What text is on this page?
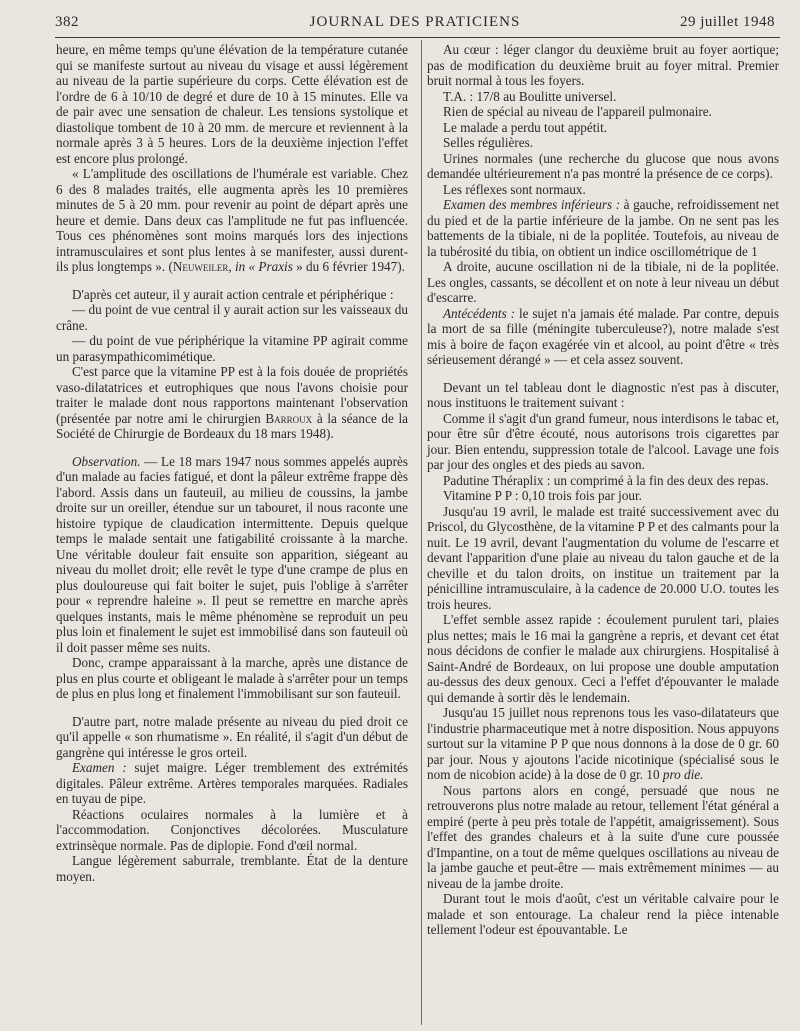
382	JOURNAL DES PRATICIENS	29 juillet 1948

heure, en même temps qu'une élévation de la température cutanée qui se manifeste surtout au niveau du visage et aussi légèrement au niveau de la partie supérieure du corps. Cette élévation est de l'ordre de 6 à 10/10 de degré et dure de 10 à 15 minutes. Elle va de pair avec une sensation de chaleur. Les tensions systolique et diastolique tombent de 10 à 20 mm. de mercure et reviennent à la normale après 3 à 5 heures. Lors de la deuxième injection l'effet est encore plus prolongé.

« L'amplitude des oscillations de l'humérale est variable. Chez 6 des 8 malades traités, elle augmenta après les 10 premières minutes de 5 à 20 mm. pour revenir au point de départ après une heure et demie. Dans deux cas l'amplitude ne fut pas influencée. Tous ces phénomènes sont moins marqués lors des injections intramusculaires et sont plus lentes à se manifester, aussi durent-ils plus longtemps ». (Neuweiler, in « Praxis » du 6 février 1947).

D'après cet auteur, il y aurait action centrale et périphérique :

— du point de vue central il y aurait action sur les vaisseaux du crâne.

— du point de vue périphérique la vitamine PP agirait comme un parasympathicomimétique.

C'est parce que la vitamine PP est à la fois douée de propriétés vaso-dilatatrices et eutrophiques que nous l'avons choisie pour traiter le malade dont nous rapportons maintenant l'observation (présentée par notre ami le chirurgien Barroux à la séance de la Société de Chirurgie de Bordeaux du 18 mars 1948).

Observation. — Le 18 mars 1947 nous sommes appelés auprès d'un malade au facies fatigué, et dont la pâleur extrême frappe dès l'abord. Assis dans un fauteuil, au milieu de coussins, la jambe droite sur un oreiller, étendue sur un tabouret, il nous raconte une histoire typique de claudication intermittente. Depuis quelque temps le malade sentait une fatigabilité croissante à la marche. Une véritable douleur fait ensuite son apparition, siégeant au niveau du mollet droit; elle revêt le type d'une crampe de plus en plus douloureuse qui fait boiter le sujet, puis l'oblige à s'arrêter pour « reprendre haleine ». Il peut se remettre en marche après quelques instants, mais le même phénomène se reproduit un peu plus loin et finalement le sujet est immobilisé dans son fauteuil où il doit passer même ses nuits.

Donc, crampe apparaissant à la marche, après une distance de plus en plus courte et obligeant le malade à s'arrêter pour un temps de plus en plus long et finalement l'immobilisant sur son fauteuil.

D'autre part, notre malade présente au niveau du pied droit ce qu'il appelle « son rhumatisme ». En réalité, il s'agit d'un début de gangrène qui intéresse le gros orteil.

Examen : sujet maigre. Léger tremblement des extrémités digitales. Pâleur extrême. Artères temporales marquées. Radiales en tuyau de pipe.

Réactions oculaires normales à la lumière et à l'accommodation. Conjonctives décolorées. Musculature extrinsèque normale. Pas de diplopie. Fond d'œil normal.

Langue légèrement saburrale, tremblante. État de la denture moyen.

Au cœur : léger clangor du deuxième bruit au foyer aortique; pas de modification du deuxième bruit au foyer mitral. Premier bruit normal à tous les foyers.

T.A. : 17/8 au Boulitte universel.

Rien de spécial au niveau de l'appareil pulmonaire.

Le malade a perdu tout appétit.

Selles régulières.

Urines normales (une recherche du glucose que nous avons demandée ultérieurement n'a pas montré la présence de ce corps).

Les réflexes sont normaux.

Examen des membres inférieurs : à gauche, refroidissement net du pied et de la partie inférieure de la jambe. On ne sent pas les battements de la tibiale, ni de la poplitée. Toutefois, au niveau de la tubérosité du tibia, on obtient un indice oscillométrique de 1

A droite, aucune oscillation ni de la tibiale, ni de la poplitée. Les ongles, cassants, se décollent et on note à leur niveau un début d'escarre.

Antécédents : le sujet n'a jamais été malade. Par contre, depuis la mort de sa fille (méningite tuberculeuse?), notre malade s'est mis à boire de façon exagérée vin et alcool, au point d'être « très sérieusement dérangé » — et cela assez souvent.

Devant un tel tableau dont le diagnostic n'est pas à discuter, nous instituons le traitement suivant :

Comme il s'agit d'un grand fumeur, nous interdisons le tabac et, pour être sûr d'être écouté, nous autorisons trois cigarettes par jour. Bien entendu, suppression totale de l'alcool. Lavage une fois par jour des ongles et des pieds au savon.

Padutine Théraplix : un comprimé à la fin des deux des repas.

Vitamine P P : 0,10 trois fois par jour.

Jusqu'au 19 avril, le malade est traité successivement avec du Priscol, du Glycosthène, de la vitamine P P et des calmants pour la nuit. Le 19 avril, devant l'augmentation du volume de l'escarre et devant l'apparition d'une plaie au niveau du talon gauche et de la cheville et du talon droits, on institue un traitement par la pénicilline intramusculaire, à la cadence de 20.000 U.O. toutes les trois heures.

L'effet semble assez rapide : écoulement purulent tari, plaies plus nettes; mais le 16 mai la gangrène a repris, et devant cet état nous décidons de confier le malade aux chirurgiens. Hospitalisé à Saint-André de Bordeaux, on lui propose une double amputation au-dessus des deux genoux. Ceci a l'effet d'épouvanter le malade qui demande à sortir dès le lendemain.

Jusqu'au 15 juillet nous reprenons tous les vaso-dilatateurs que l'industrie pharmaceutique met à notre disposition. Nous appuyons surtout sur la vitamine P P que nous donnons à la dose de 0 gr. 60 par jour. Nous y ajoutons l'acide nicotinique (spécialisé sous le nom de nicobion acide) à la dose de 0 gr. 10 pro die.

Nous partons alors en congé, persuadé que nous ne retrouverons plus notre malade au retour, tellement l'état général a empiré (perte à peu près totale de l'appétit, amaigrissement). Sous l'effet des grandes chaleurs et à la suite d'une cure poussée d'Impantine, on a tout de même quelques oscillations au niveau de la jambe gauche et peut-être — mais extrêmement minimes — au niveau de la jambe droite.

Durant tout le mois d'août, c'est un véritable calvaire pour le malade et son entourage. La chaleur rend la pièce intenable tellement l'odeur est épouvantable. Le
